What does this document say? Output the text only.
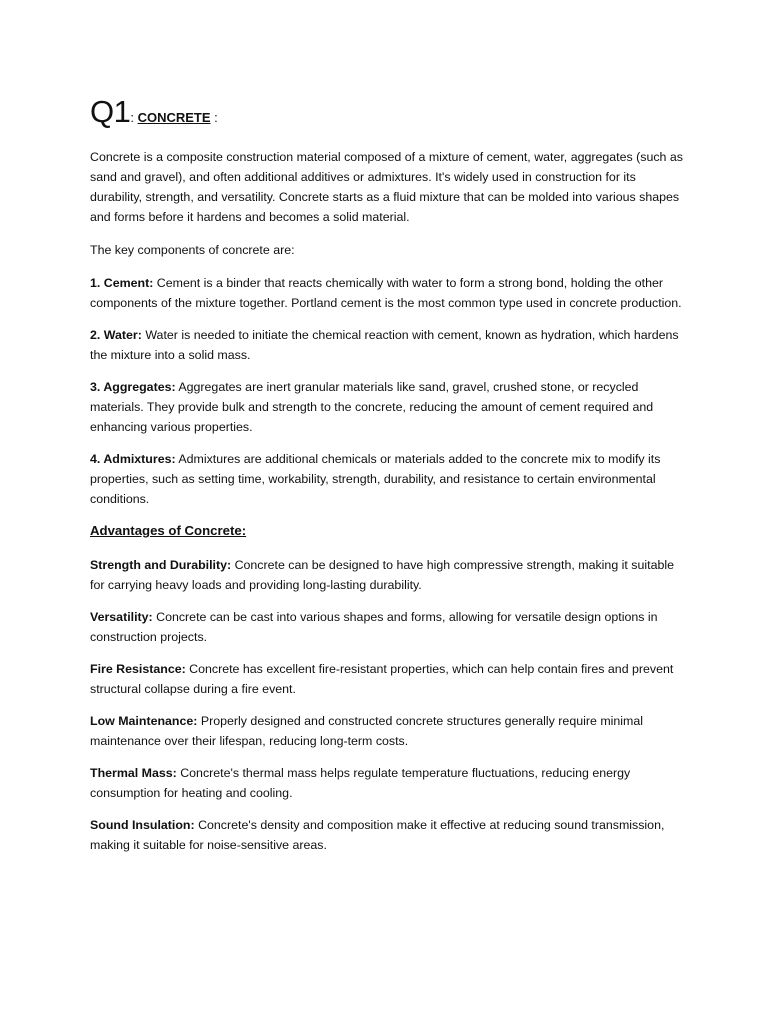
Q1: CONCRETE :

Concrete is a composite construction material composed of a mixture of cement, water, aggregates (such as sand and gravel), and often additional additives or admixtures. It's widely used in construction for its durability, strength, and versatility. Concrete starts as a fluid mixture that can be molded into various shapes and forms before it hardens and becomes a solid material.

The key components of concrete are:

1. Cement: Cement is a binder that reacts chemically with water to form a strong bond, holding the other components of the mixture together. Portland cement is the most common type used in concrete production.

2. Water: Water is needed to initiate the chemical reaction with cement, known as hydration, which hardens the mixture into a solid mass.

3. Aggregates: Aggregates are inert granular materials like sand, gravel, crushed stone, or recycled materials. They provide bulk and strength to the concrete, reducing the amount of cement required and enhancing various properties.

4. Admixtures: Admixtures are additional chemicals or materials added to the concrete mix to modify its properties, such as setting time, workability, strength, durability, and resistance to certain environmental conditions.

Advantages of Concrete:

Strength and Durability: Concrete can be designed to have high compressive strength, making it suitable for carrying heavy loads and providing long-lasting durability.

Versatility: Concrete can be cast into various shapes and forms, allowing for versatile design options in construction projects.

Fire Resistance: Concrete has excellent fire-resistant properties, which can help contain fires and prevent structural collapse during a fire event.

Low Maintenance: Properly designed and constructed concrete structures generally require minimal maintenance over their lifespan, reducing long-term costs.

Thermal Mass: Concrete's thermal mass helps regulate temperature fluctuations, reducing energy consumption for heating and cooling.

Sound Insulation: Concrete's density and composition make it effective at reducing sound transmission, making it suitable for noise-sensitive areas.
